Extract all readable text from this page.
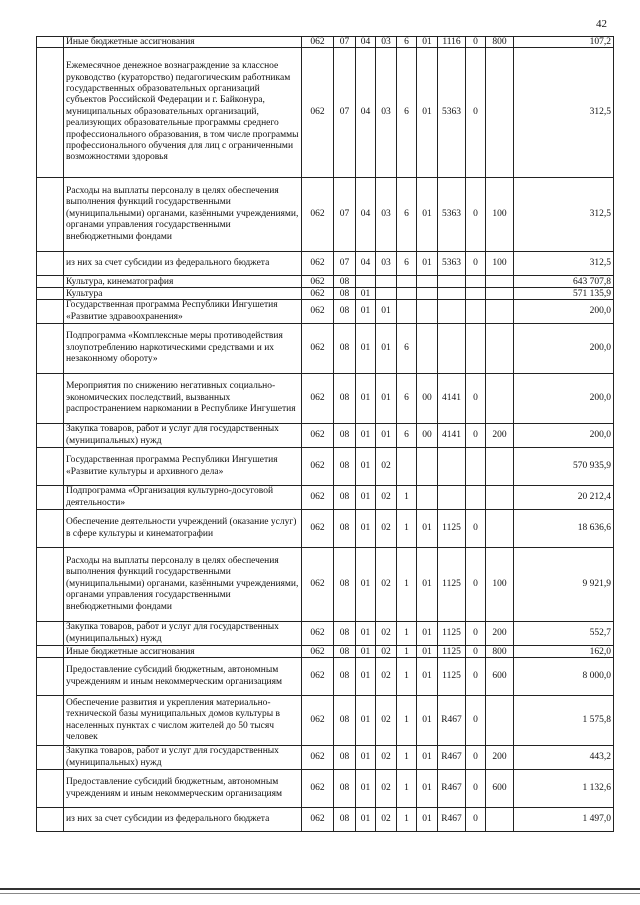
42
	Иные бюджетные ассигнования	062	07	04	03	6	01	1116	0	800	107,2
	Ежемесячное денежное вознаграждение за классное руководство (кураторство) педагогическим работникам государственных образовательных организаций субъектов Российской Федерации и г. Байконура, муниципальных образовательных организаций, реализующих образовательные программы среднего профессионального образования, в том числе программы профессионального обучения для лиц с ограниченными возможностями здоровья	062	07	04	03	6	01	5363	0		312,5
	Расходы на выплаты персоналу в целях обеспечения выполнения функций государственными (муниципальными) органами, казёнными учреждениями, органами управления государственными внебюджетными фондами	062	07	04	03	6	01	5363	0	100	312,5
	из них за счет субсидии из федерального бюджета	062	07	04	03	6	01	5363	0	100	312,5
	Культура, кинематография	062	08								643 707,8
	Культура	062	08	01							571 135,9
	Государственная программа Республики Ингушетия «Развитие здравоохранения»	062	08	01	01						200,0
	Подпрограмма «Комплексные меры противодействия злоупотреблению наркотическими средствами и их незаконному обороту»	062	08	01	01	6					200,0
	Мероприятия по снижению негативных социально-экономических последствий, вызванных распространением наркомании в Республике Ингушетия	062	08	01	01	6	00	4141	0		200,0
	Закупка товаров, работ и услуг для государственных (муниципальных) нужд	062	08	01	01	6	00	4141	0	200	200,0
	Государственная программа Республики Ингушетия «Развитие культуры и архивного дела»	062	08	01	02						570 935,9
	Подпрограмма «Организация культурно-досуговой деятельности»	062	08	01	02	1					20 212,4
	Обеспечение деятельности учреждений (оказание услуг) в сфере культуры и кинематографии	062	08	01	02	1	01	1125	0		18 636,6
	Расходы на выплаты персоналу в целях обеспечения выполнения функций государственными (муниципальными) органами, казёнными учреждениями, органами управления государственными внебюджетными фондами	062	08	01	02	1	01	1125	0	100	9 921,9
	Закупка товаров, работ и услуг для государственных (муниципальных) нужд	062	08	01	02	1	01	1125	0	200	552,7
	Иные бюджетные ассигнования	062	08	01	02	1	01	1125	0	800	162,0
	Предоставление субсидий бюджетным, автономным учреждениям и иным некоммерческим организациям	062	08	01	02	1	01	1125	0	600	8 000,0
	Обеспечение развития и укрепления материально-технической базы муниципальных домов культуры в населенных пунктах с числом жителей до 50 тысяч человек	062	08	01	02	1	01	R467	0		1 575,8
	Закупка товаров, работ и услуг для государственных (муниципальных) нужд	062	08	01	02	1	01	R467	0	200	443,2
	Предоставление субсидий бюджетным, автономным учреждениям и иным некоммерческим организациям	062	08	01	02	1	01	R467	0	600	1 132,6
	из них за счет субсидии из федерального бюджета	062	08	01	02	1	01	R467	0		1 497,0
